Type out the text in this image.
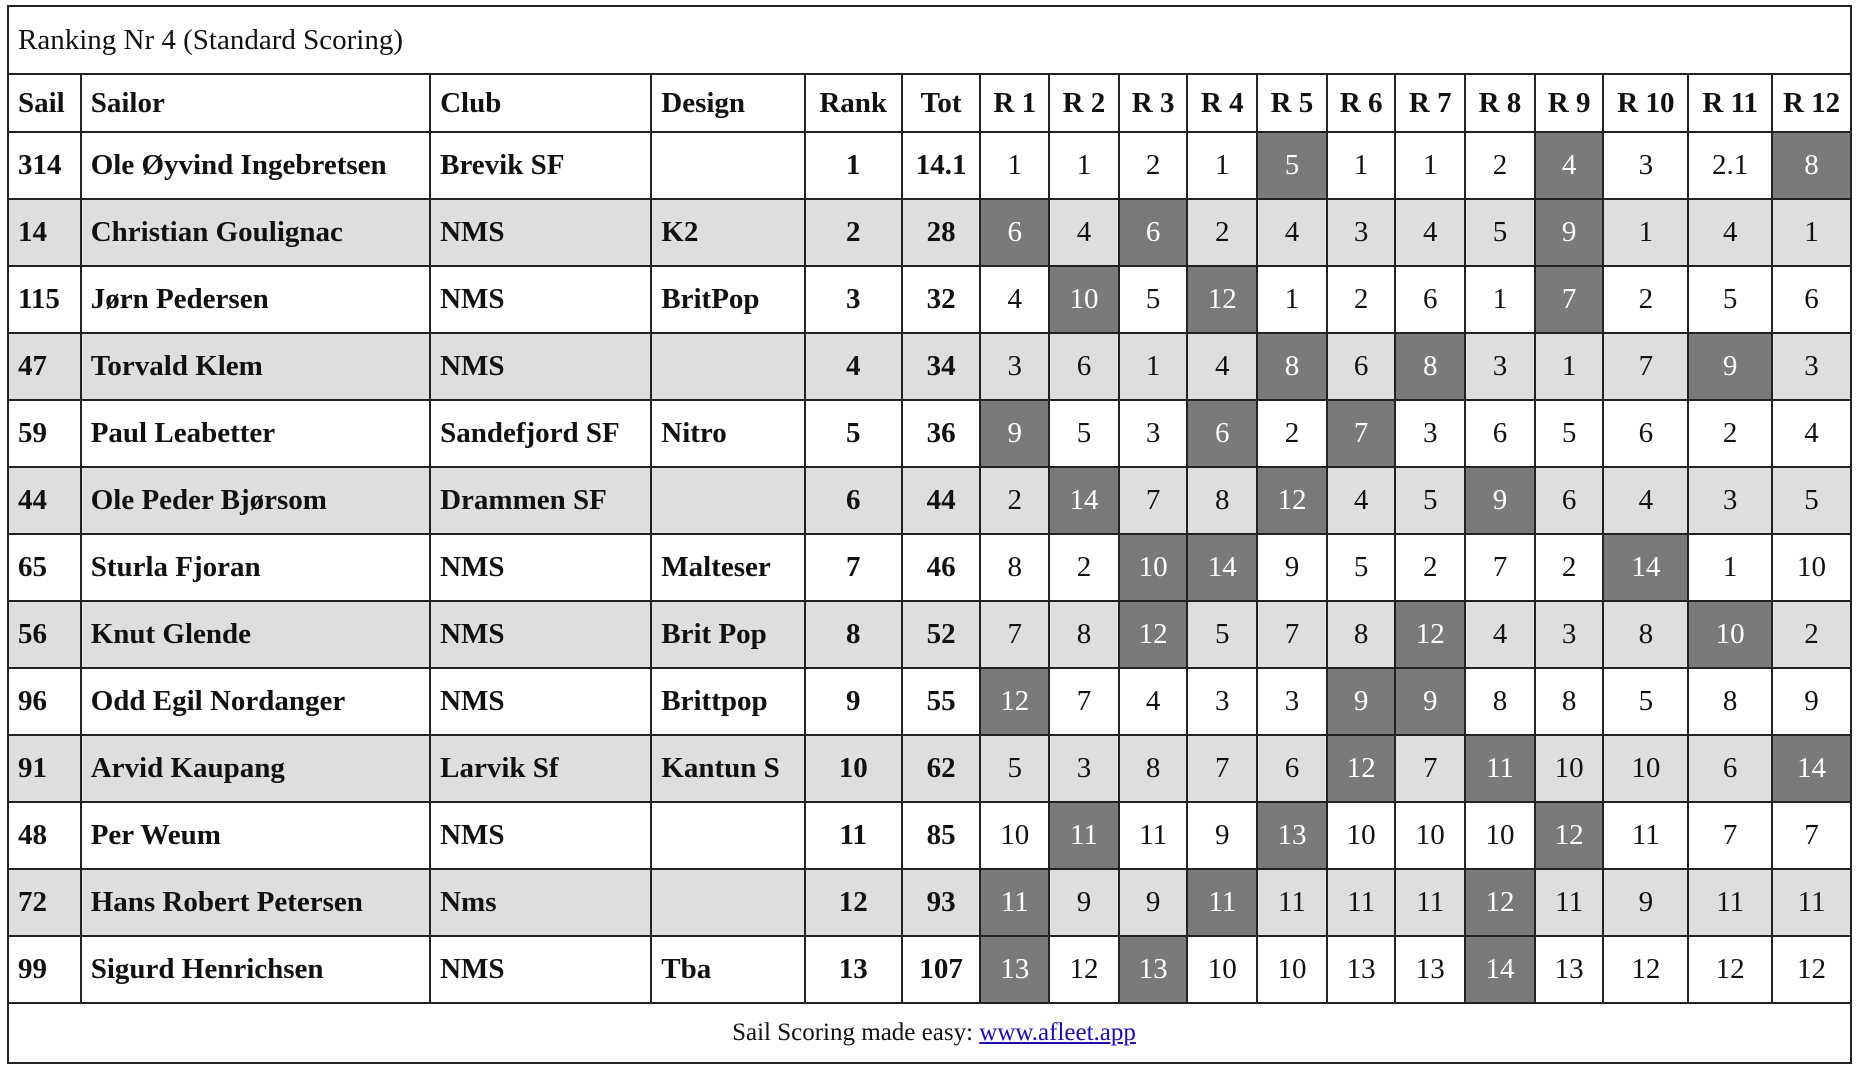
Ranking Nr 4 (Standard Scoring)																	
Sail	Sailor	Club	Design	Rank	Tot	R 1	R 2	R 3	R 4	R 5	R 6	R 7	R 8	R 9	R 10	R 11	R 12
314	Ole Øyvind Ingebretsen	Brevik SF		1	14.1	1	1	2	1	5	1	1	2	4	3	2.1	8
14	Christian Goulignac	NMS	K2	2	28	6	4	6	2	4	3	4	5	9	1	4	1
115	Jørn Pedersen	NMS	BritPop	3	32	4	10	5	12	1	2	6	1	7	2	5	6
47	Torvald Klem	NMS		4	34	3	6	1	4	8	6	8	3	1	7	9	3
59	Paul Leabetter	Sandefjord SF	Nitro	5	36	9	5	3	6	2	7	3	6	5	6	2	4
44	Ole Peder Bjørsom	Drammen SF		6	44	2	14	7	8	12	4	5	9	6	4	3	5
65	Sturla Fjoran	NMS	Malteser	7	46	8	2	10	14	9	5	2	7	2	14	1	10
56	Knut Glende	NMS	Brit Pop	8	52	7	8	12	5	7	8	12	4	3	8	10	2
96	Odd Egil Nordanger	NMS	Brittpop	9	55	12	7	4	3	3	9	9	8	8	5	8	9
91	Arvid Kaupang	Larvik Sf	Kantun S	10	62	5	3	8	7	6	12	7	11	10	10	6	14
48	Per Weum	NMS		11	85	10	11	11	9	13	10	10	10	12	11	7	7
72	Hans Robert Petersen	Nms		12	93	11	9	9	11	11	11	11	12	11	9	11	11
99	Sigurd Henrichsen	NMS	Tba	13	107	13	12	13	10	10	13	13	14	13	12	12	12
Sail Scoring made easy: www.afleet.app																	
